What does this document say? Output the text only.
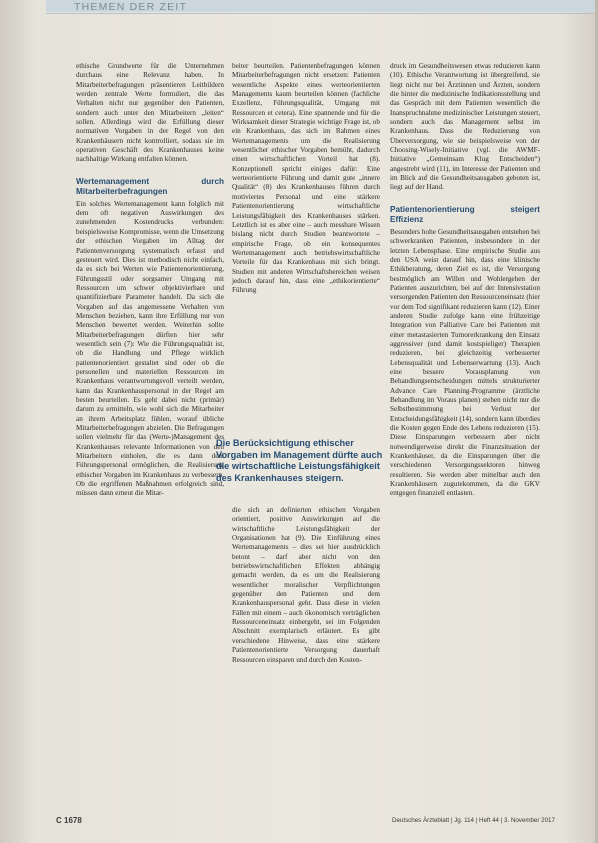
THEMEN DER ZEIT

ethische Grundwerte für die Unternehmen durchaus eine Relevanz haben. In Mitarbeiterbefragungen präsentieren Leitbildern werden zentrale Werte formuliert, die das Verhalten nicht nur gegenüber den Patienten, sondern auch unter den Mitarbeitern „leiten“ sollen. Allerdings wird die Erfüllung dieser normativen Vorgaben in der Regel von den Krankenhäusern nicht kontrolliert, sodass sie im operativen Geschäft des Krankenhauses keine nachhaltige Wirkung entfalten können.

Wertemanagement durch Mitarbeiterbefragungen

Ein solches Wertemanagement kann folglich mit dem oft negativen Auswirkungen des zunehmenden Kostendrucks verbunden: beispielsweise Kompromisse, wenn die Umsetzung der ethischen Vorgaben im Alltag der Patientenversorgung systematisch erfasst und gesteuert wird. Dies ist methodisch nicht einfach, da es sich bei Werten wie Patientenorientierung, Führungsstil oder sorgsamer Umgang mit Ressourcen um schwer objektivierbare und quantifizierbare Parameter handelt. Da sich die Vorgaben auf das angemessene Verhalten von Menschen beziehen, kann ihre Erfüllung nur von Menschen bewertet werden. Weiterhin sollte Mitarbeiterbefragungen dürften hier sehr wesentlich sein (7): Wie die Führungsqualität ist, ob die Handlung und Pflege wirklich patientenorientiert gestaltet sind oder ob die personellen und materiellen Ressourcen im Krankenhaus verantwortungsvoll verteilt werden, kann das Krankenhauspersonal in der Regel am besten beurteilen. Es geht dabei nicht (primär) darum zu ermitteln, wie wohl sich die Mitarbeiter an ihrem Arbeitsplatz fühlen, worauf übliche Mitarbeiterbefragungen abzielen. Die Befragungen sollen vielmehr für das (Werte-)Management des Krankenhauses relevante Informationen von den Mitarbeitern einholen, die es dann dem Führungspersonal ermöglichen, die Realisierung ethischer Vorgaben im Krankenhaus zu verbessern. Ob die ergriffenen Maßnahmen erfolgreich sind, müssen dann erneut die Mitar-

beiter beurteilen. Patientenbefragungen können Mitarbeiterbefragungen nicht ersetzen: Patienten wesentliche Aspekte eines werteorientierten Managements kaum beurteilen können (fachliche Exzellenz, Führungsqualität, Umgang mit Ressourcen et cetera). Eine spannende und für die Wirksamkeit dieser Strategie wichtige Frage ist, ob ein Krankenhaus, das sich im Rahmen eines Wertemanagements um die Realisierung wesentlicher ethischer Vorgaben bemüht, dadurch einen wirtschaftlichen Vorteil hat (8). Konzeptionell spricht einiges dafür: Eine werteorientierte Führung und damit gute „innere Qualität“ (8) des Krankenhauses führen durch motiviertes Personal und eine stärkere Patientenorientierung wirtschaftliche Leistungsfähigkeit des Krankenhauses stärken. Letztlich ist es aber eine – auch messbare Wissen bislang nicht durch Studien beantwortete – empirische Frage, ob ein konsequentes Wertemanagement auch betriebswirtschaftliche Vorteile für das Krankenhaus mit sich bringt. Studien mit anderen Wirtschaftsbereichen weisen jedoch darauf hin, dass eine „ethikorientierte“ Führung

Die Berücksichtigung ethischer Vorgaben im Management dürfte auch die wirtschaftliche Leistungsfähigkeit des Krankenhauses steigern.

die sich an definierten ethischen Vorgaben orientiert, positive Auswirkungen auf die wirtschaftliche Leistungsfähigkeit der Organisationen hat (9). Die Einführung eines Wertemanagements – dies sei hier ausdrücklich betont – darf aber nicht von den betriebswirtschaftlichen Effekten abhängig gemacht werden, da es um die Realisierung wesentlicher moralischer Verpflichtungen gegenüber den Patienten und dem Krankenhauspersonal geht. Dass diese in vielen Fällen mit einem – auch ökonomisch verträglichen Ressourceneinsatz einhergeht, sei im Folgenden Abschnitt exemplarisch erläutert. Es gibt verschiedene Hinweise, dass eine stärkere Patientenorientierte Versorgung dauerhaft Ressourcen einsparen und durch den Kosten-

druck im Gesundheitswesen etwas reduzieren kann (10). Ethische Verantwortung ist übergreifend, sie liegt nicht nur bei Ärztinnen und Ärzten, sondern die hinter die medizinische Indikationsstellung und das Gespräch mit dem Patienten wesentlich die Inanspruchnahme medizinischer Leistungen steuert, sondern auch das Management selbst im Krankenhaus. Dass die Reduzierung von Überversorgung, wie sie beispielsweise von der Choosing-Wisely-Initiative (vgl. die AWMF-Initiative „Gemeinsam Klug Entscheiden“) angestrebt wird (11), im Interesse der Patienten und im Blick auf die Gesundheitsausgaben geboten ist, liegt auf der Hand.

Patientenorientierung steigert Effizienz

Besonders hohe Gesundheitsausgaben entstehen bei schwerkranken Patienten, insbesondere in der letzten Lebensphase. Eine empirische Studie aus den USA weist darauf hin, dass eine klinische Ethikberatung, deren Ziel es ist, die Versorgung bestmöglich am Willen und Wohlergehen der Patienten auszurichten, bei auf der Intensivstation versorgenden Patienten den Ressourceneinsatz (hier vor dem Tod signifikant reduzieren kann (12). Einer anderen Studie zufolge kann eine frühzeitige Integration von Palliative Care bei Patienten mit einer metastasierten Tumorerkrankung den Einsatz aggressiver (und damit kostspieliger) Therapien reduzieren, bei gleichzeitig verbesserter Lebensqualität und Lebenserwartung (13). Auch eine bessere Vorausplanung von Behandlungsentscheidungen mittels strukturierter Advance Care Planning-Programme (ärztliche Behandlung im Voraus planen) stehen nicht nur die Selbstbestimmung bei Verlust der Entscheidungsfähigkeit (14), sondern kann überdies die Kosten gegen Ende des Lebens reduzieren (15). Diese Einsparungen verbessern aber nicht notwendigerweise direkt die Finanzsituation der Krankenhäuser, da die Einsparungen über die verschiedenen Versorgungssektoren hinweg resultieren. Sie werden aber mittelbar auch den Krankenhäusern zugutekommen, da die GKV entgegen finanziell entlasten.

C 1678	Deutsches Ärzteblatt | Jg. 114 | Heft 44 | 3. November 2017
